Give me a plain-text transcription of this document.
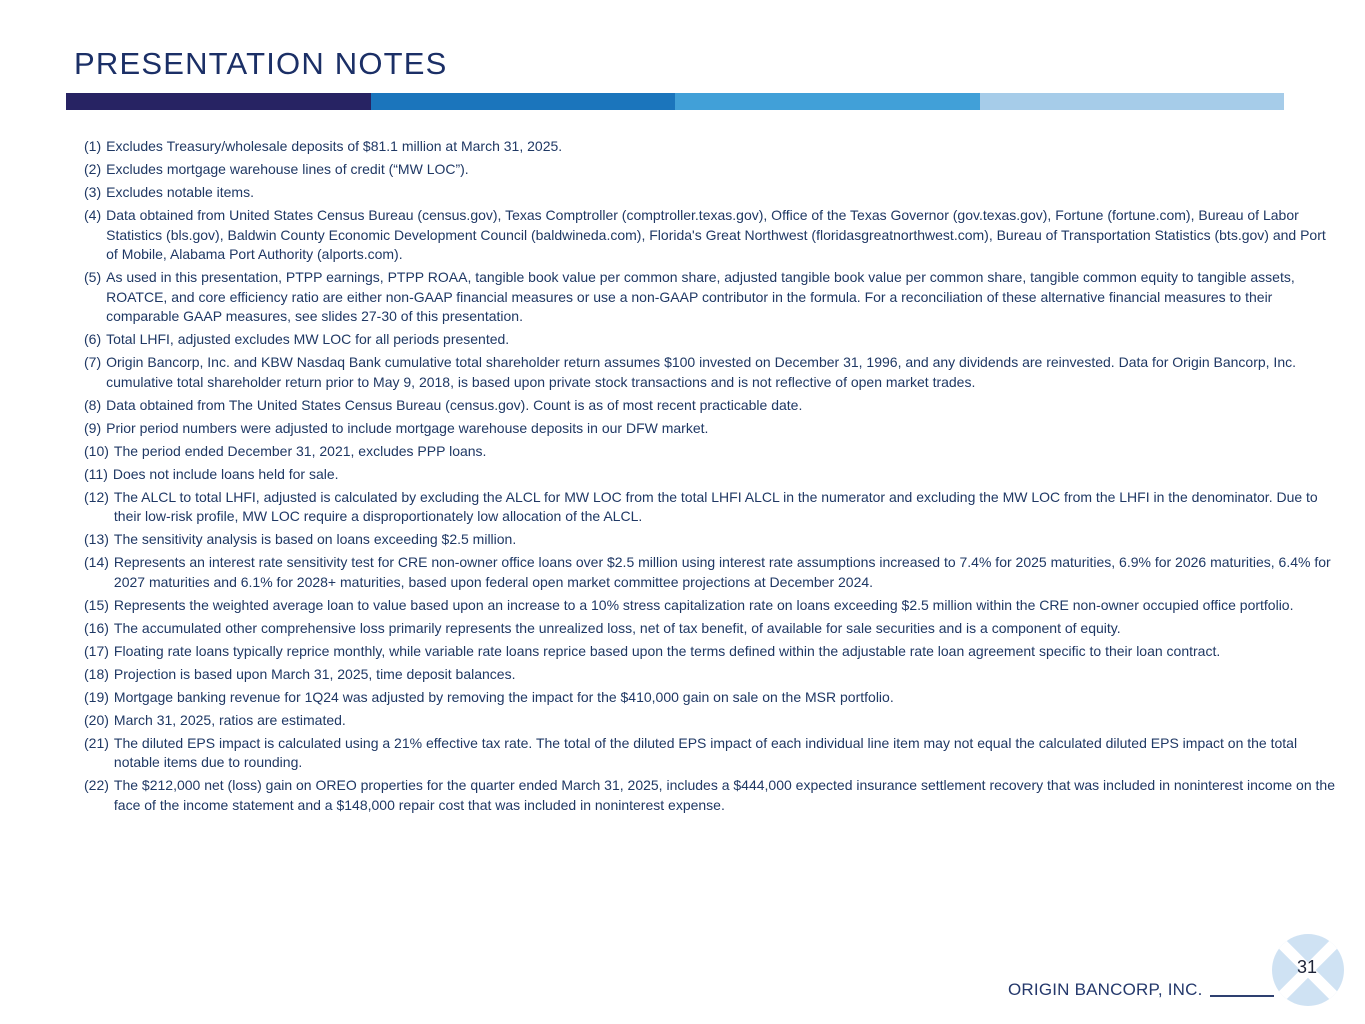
PRESENTATION NOTES
(1) Excludes Treasury/wholesale deposits of $81.1 million at March 31, 2025.
(2) Excludes mortgage warehouse lines of credit (“MW LOC”).
(3) Excludes notable items.
(4) Data obtained from United States Census Bureau (census.gov), Texas Comptroller (comptroller.texas.gov), Office of the Texas Governor (gov.texas.gov), Fortune (fortune.com), Bureau of Labor Statistics (bls.gov), Baldwin County Economic Development Council (baldwineda.com), Florida's Great Northwest (floridasgreatnorthwest.com), Bureau of Transportation Statistics (bts.gov) and Port of Mobile, Alabama Port Authority (alports.com).
(5) As used in this presentation, PTPP earnings, PTPP ROAA, tangible book value per common share, adjusted tangible book value per common share, tangible common equity to tangible assets, ROATCE, and core efficiency ratio are either non-GAAP financial measures or use a non-GAAP contributor in the formula. For a reconciliation of these alternative financial measures to their comparable GAAP measures, see slides 27-30 of this presentation.
(6) Total LHFI, adjusted excludes MW LOC for all periods presented.
(7) Origin Bancorp, Inc. and KBW Nasdaq Bank cumulative total shareholder return assumes $100 invested on December 31, 1996, and any dividends are reinvested. Data for Origin Bancorp, Inc. cumulative total shareholder return prior to May 9, 2018, is based upon private stock transactions and is not reflective of open market trades.
(8) Data obtained from The United States Census Bureau (census.gov). Count is as of most recent practicable date.
(9) Prior period numbers were adjusted to include mortgage warehouse deposits in our DFW market.
(10) The period ended December 31, 2021, excludes PPP loans.
(11) Does not include loans held for sale.
(12) The ALCL to total LHFI, adjusted is calculated by excluding the ALCL for MW LOC from the total LHFI ALCL in the numerator and excluding the MW LOC from the LHFI in the denominator. Due to their low-risk profile, MW LOC require a disproportionately low allocation of the ALCL.
(13) The sensitivity analysis is based on loans exceeding $2.5 million.
(14) Represents an interest rate sensitivity test for CRE non-owner office loans over $2.5 million using interest rate assumptions increased to 7.4% for 2025 maturities, 6.9% for 2026 maturities, 6.4% for 2027 maturities and 6.1% for 2028+ maturities, based upon federal open market committee projections at December 2024.
(15) Represents the weighted average loan to value based upon an increase to a 10% stress capitalization rate on loans exceeding $2.5 million within the CRE non-owner occupied office portfolio.
(16) The accumulated other comprehensive loss primarily represents the unrealized loss, net of tax benefit, of available for sale securities and is a component of equity.
(17) Floating rate loans typically reprice monthly, while variable rate loans reprice based upon the terms defined within the adjustable rate loan agreement specific to their loan contract.
(18) Projection is based upon March 31, 2025, time deposit balances.
(19) Mortgage banking revenue for 1Q24 was adjusted by removing the impact for the $410,000 gain on sale on the MSR portfolio.
(20) March 31, 2025, ratios are estimated.
(21) The diluted EPS impact is calculated using a 21% effective tax rate. The total of the diluted EPS impact of each individual line item may not equal the calculated diluted EPS impact on the total notable items due to rounding.
(22) The $212,000 net (loss) gain on OREO properties for the quarter ended March 31, 2025, includes a $444,000 expected insurance settlement recovery that was included in noninterest income on the face of the income statement and a $148,000 repair cost that was included in noninterest expense.
ORIGIN BANCORP, INC.
31
